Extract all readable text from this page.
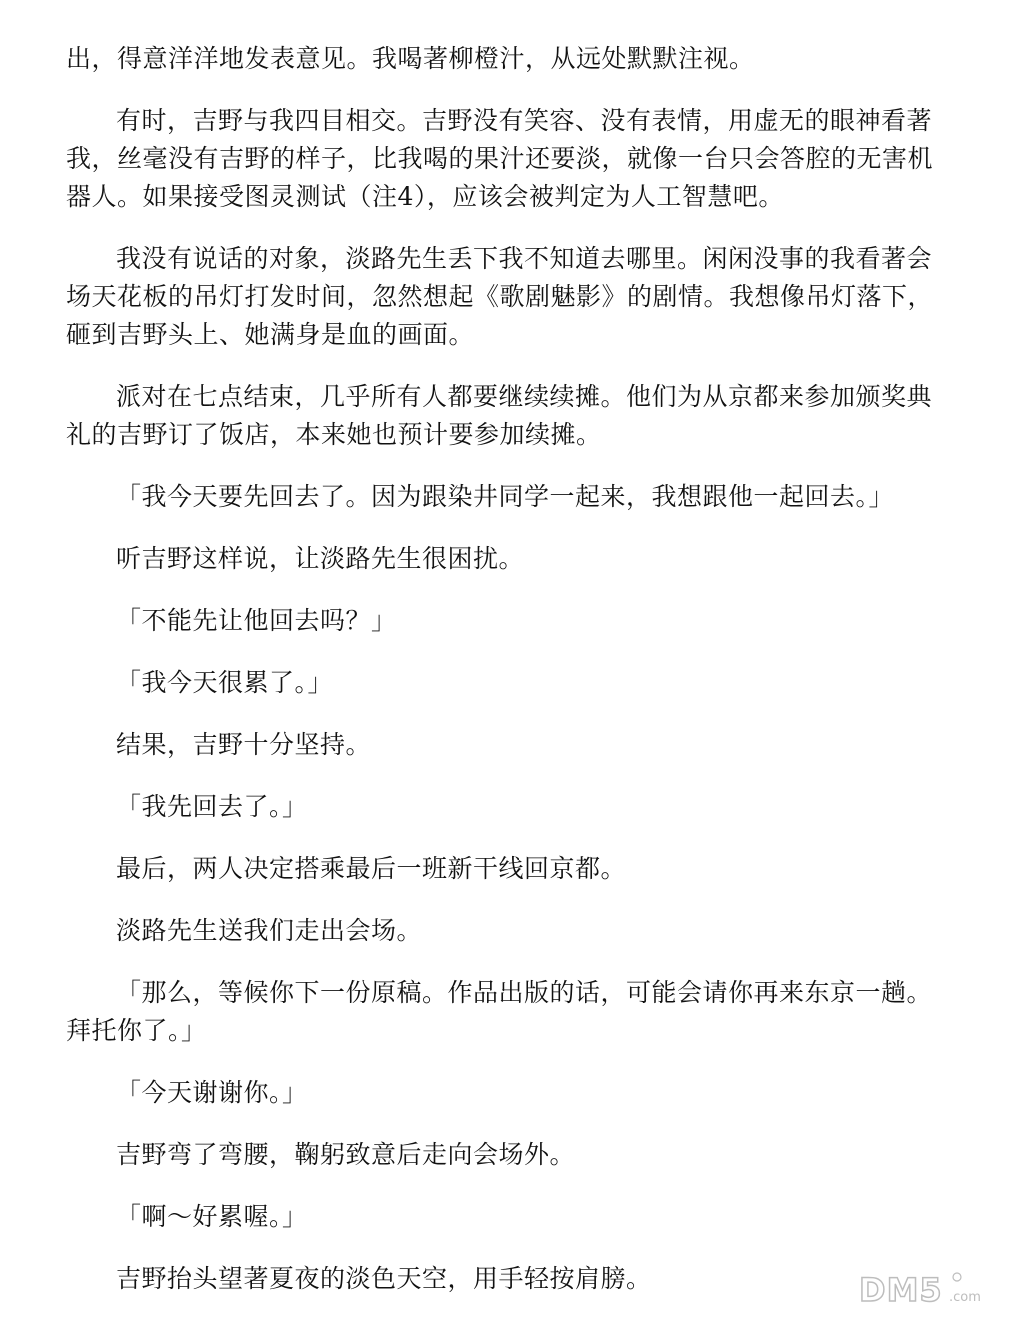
出，得意洋洋地发表意见。我喝著柳橙汁，从远处默默注视。

有时，吉野与我四目相交。吉野没有笑容、没有表情，用虚无的眼神看著我，丝毫没有吉野的样子，比我喝的果汁还要淡，就像一台只会答腔的无害机器人。如果接受图灵测试（注4），应该会被判定为人工智慧吧。

我没有说话的对象，淡路先生丢下我不知道去哪里。闲闲没事的我看著会场天花板的吊灯打发时间，忽然想起《歌剧魅影》的剧情。我想像吊灯落下，砸到吉野头上、她满身是血的画面。

派对在七点结束，几乎所有人都要继续续摊。他们为从京都来参加颁奖典礼的吉野订了饭店，本来她也预计要参加续摊。

「我今天要先回去了。因为跟染井同学一起来，我想跟他一起回去。」

听吉野这样说，让淡路先生很困扰。

「不能先让他回去吗？」

「我今天很累了。」

结果，吉野十分坚持。

「我先回去了。」

最后，两人决定搭乘最后一班新干线回京都。

淡路先生送我们走出会场。

「那么，等候你下一份原稿。作品出版的话，可能会请你再来东京一趟。拜托你了。」

「今天谢谢你。」

吉野弯了弯腰，鞠躬致意后走向会场外。

「啊～好累喔。」

吉野抬头望著夏夜的淡色天空，用手轻按肩膀。	DM5 .com
